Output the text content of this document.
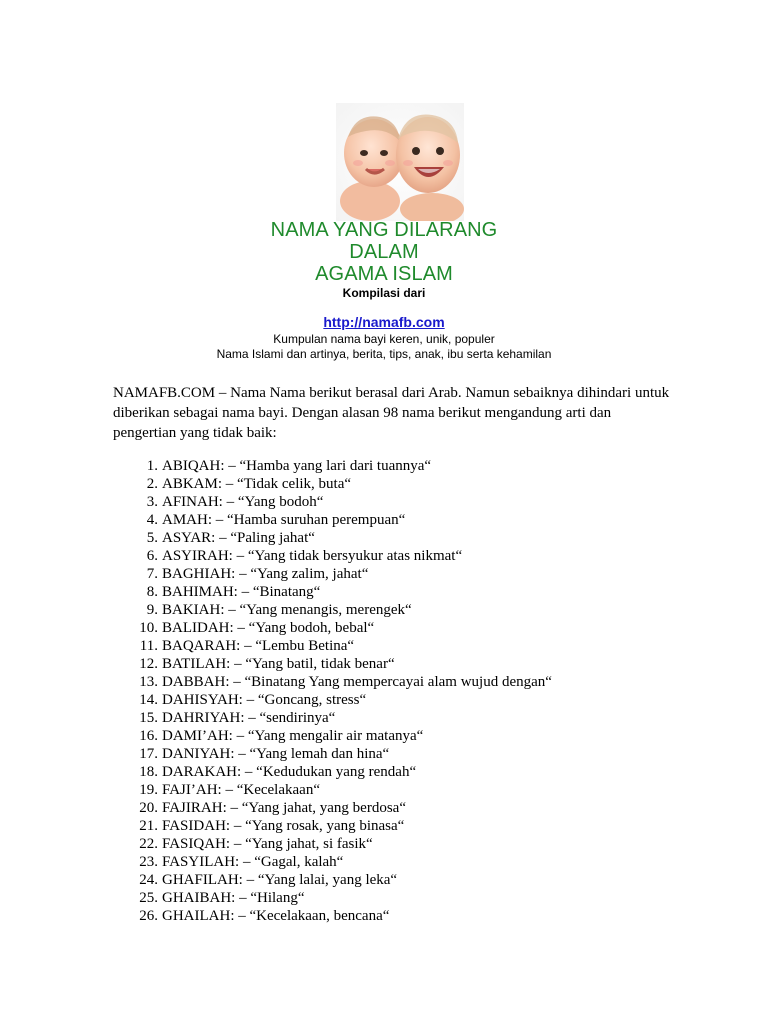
NAMA YANG DILARANG
DALAM
AGAMA ISLAM
Kompilasi dari
http://namafb.com
Kumpulan nama bayi keren, unik, populer
Nama Islami dan artinya, berita, tips, anak, ibu serta kehamilan

NAMAFB.COM – Nama Nama berikut berasal dari Arab. Namun sebaiknya dihindari untuk diberikan sebagai nama bayi. Dengan alasan 98 nama berikut mengandung arti dan pengertian yang tidak baik:

1. ABIQAH: – “Hamba yang lari dari tuannya“
2. ABKAM: – “Tidak celik, buta“
3. AFINAH: – “Yang bodoh“
4. AMAH: – “Hamba suruhan perempuan“
5. ASYAR: – “Paling jahat“
6. ASYIRAH: – “Yang tidak bersyukur atas nikmat“
7. BAGHIAH: – “Yang zalim, jahat“
8. BAHIMAH: – “Binatang“
9. BAKIAH: – “Yang menangis, merengek“
10. BALIDAH: – “Yang bodoh, bebal“
11. BAQARAH: – “Lembu Betina“
12. BATILAH: – “Yang batil, tidak benar“
13. DABBAH: – “Binatang Yang mempercayai alam wujud dengan“
14. DAHISYAH: – “Goncang, stress“
15. DAHRIYAH: – “sendirinya“
16. DAMI’AH: – “Yang mengalir air matanya“
17. DANIYAH: – “Yang lemah dan hina“
18. DARAKAH: – “Kedudukan yang rendah“
19. FAJI’AH: – “Kecelakaan“
20. FAJIRAH: – “Yang jahat, yang berdosa“
21. FASIDAH: – “Yang rosak, yang binasa“
22. FASIQAH: – “Yang jahat, si fasik“
23. FASYILAH: – “Gagal, kalah“
24. GHAFILAH: – “Yang lalai, yang leka“
25. GHAIBAH: – “Hilang“
26. GHAILAH: – “Kecelakaan, bencana“
